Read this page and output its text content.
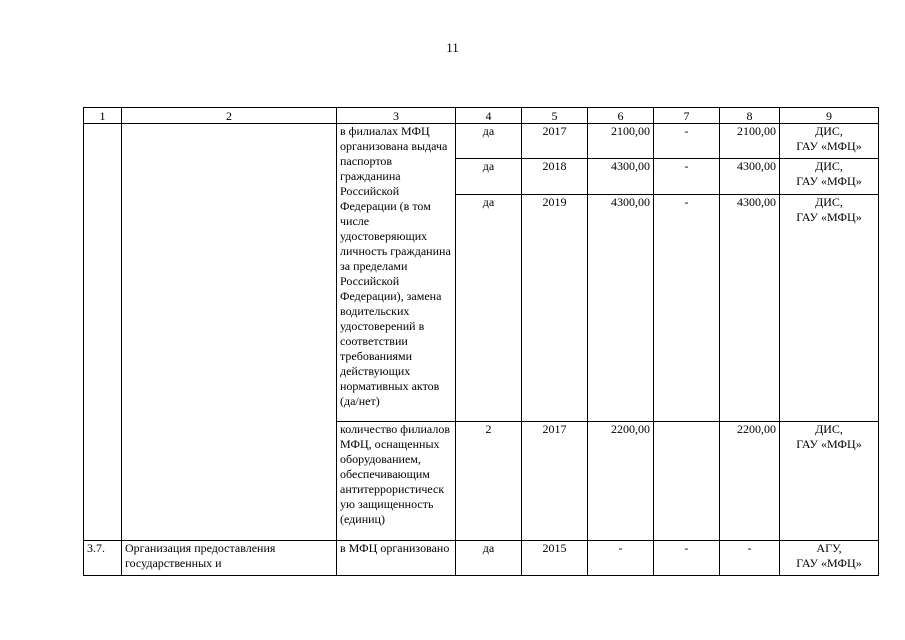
11
1	2	3	4	5	6	7	8	9
		в филиалах МФЦ организована выдача паспортов гражданина Российской Федерации (в том числе удостоверяющих личность гражданина за пределами Российской Федерации), замена водительских удостоверений в соответствии требованиями действующих нормативных актов (да/нет)	да	2017	2100,00	-	2100,00	ДИС,
ГАУ «МФЦ»

			да	2018	4300,00	-	4300,00	ДИС,
ГАУ «МФЦ»

			да	2019	4300,00	-	4300,00	ДИС,
ГАУ «МФЦ»

		количество филиалов МФЦ, оснащенных оборудованием, обеспечивающим антитеррористическ ую защищенность (единиц)	2	2017	2200,00		2200,00	ДИС,
ГАУ «МФЦ»

3.7.	Организация предоставления государственных и	в МФЦ организовано	да	2015	-	-	-	АГУ,
ГАУ «МФЦ»
